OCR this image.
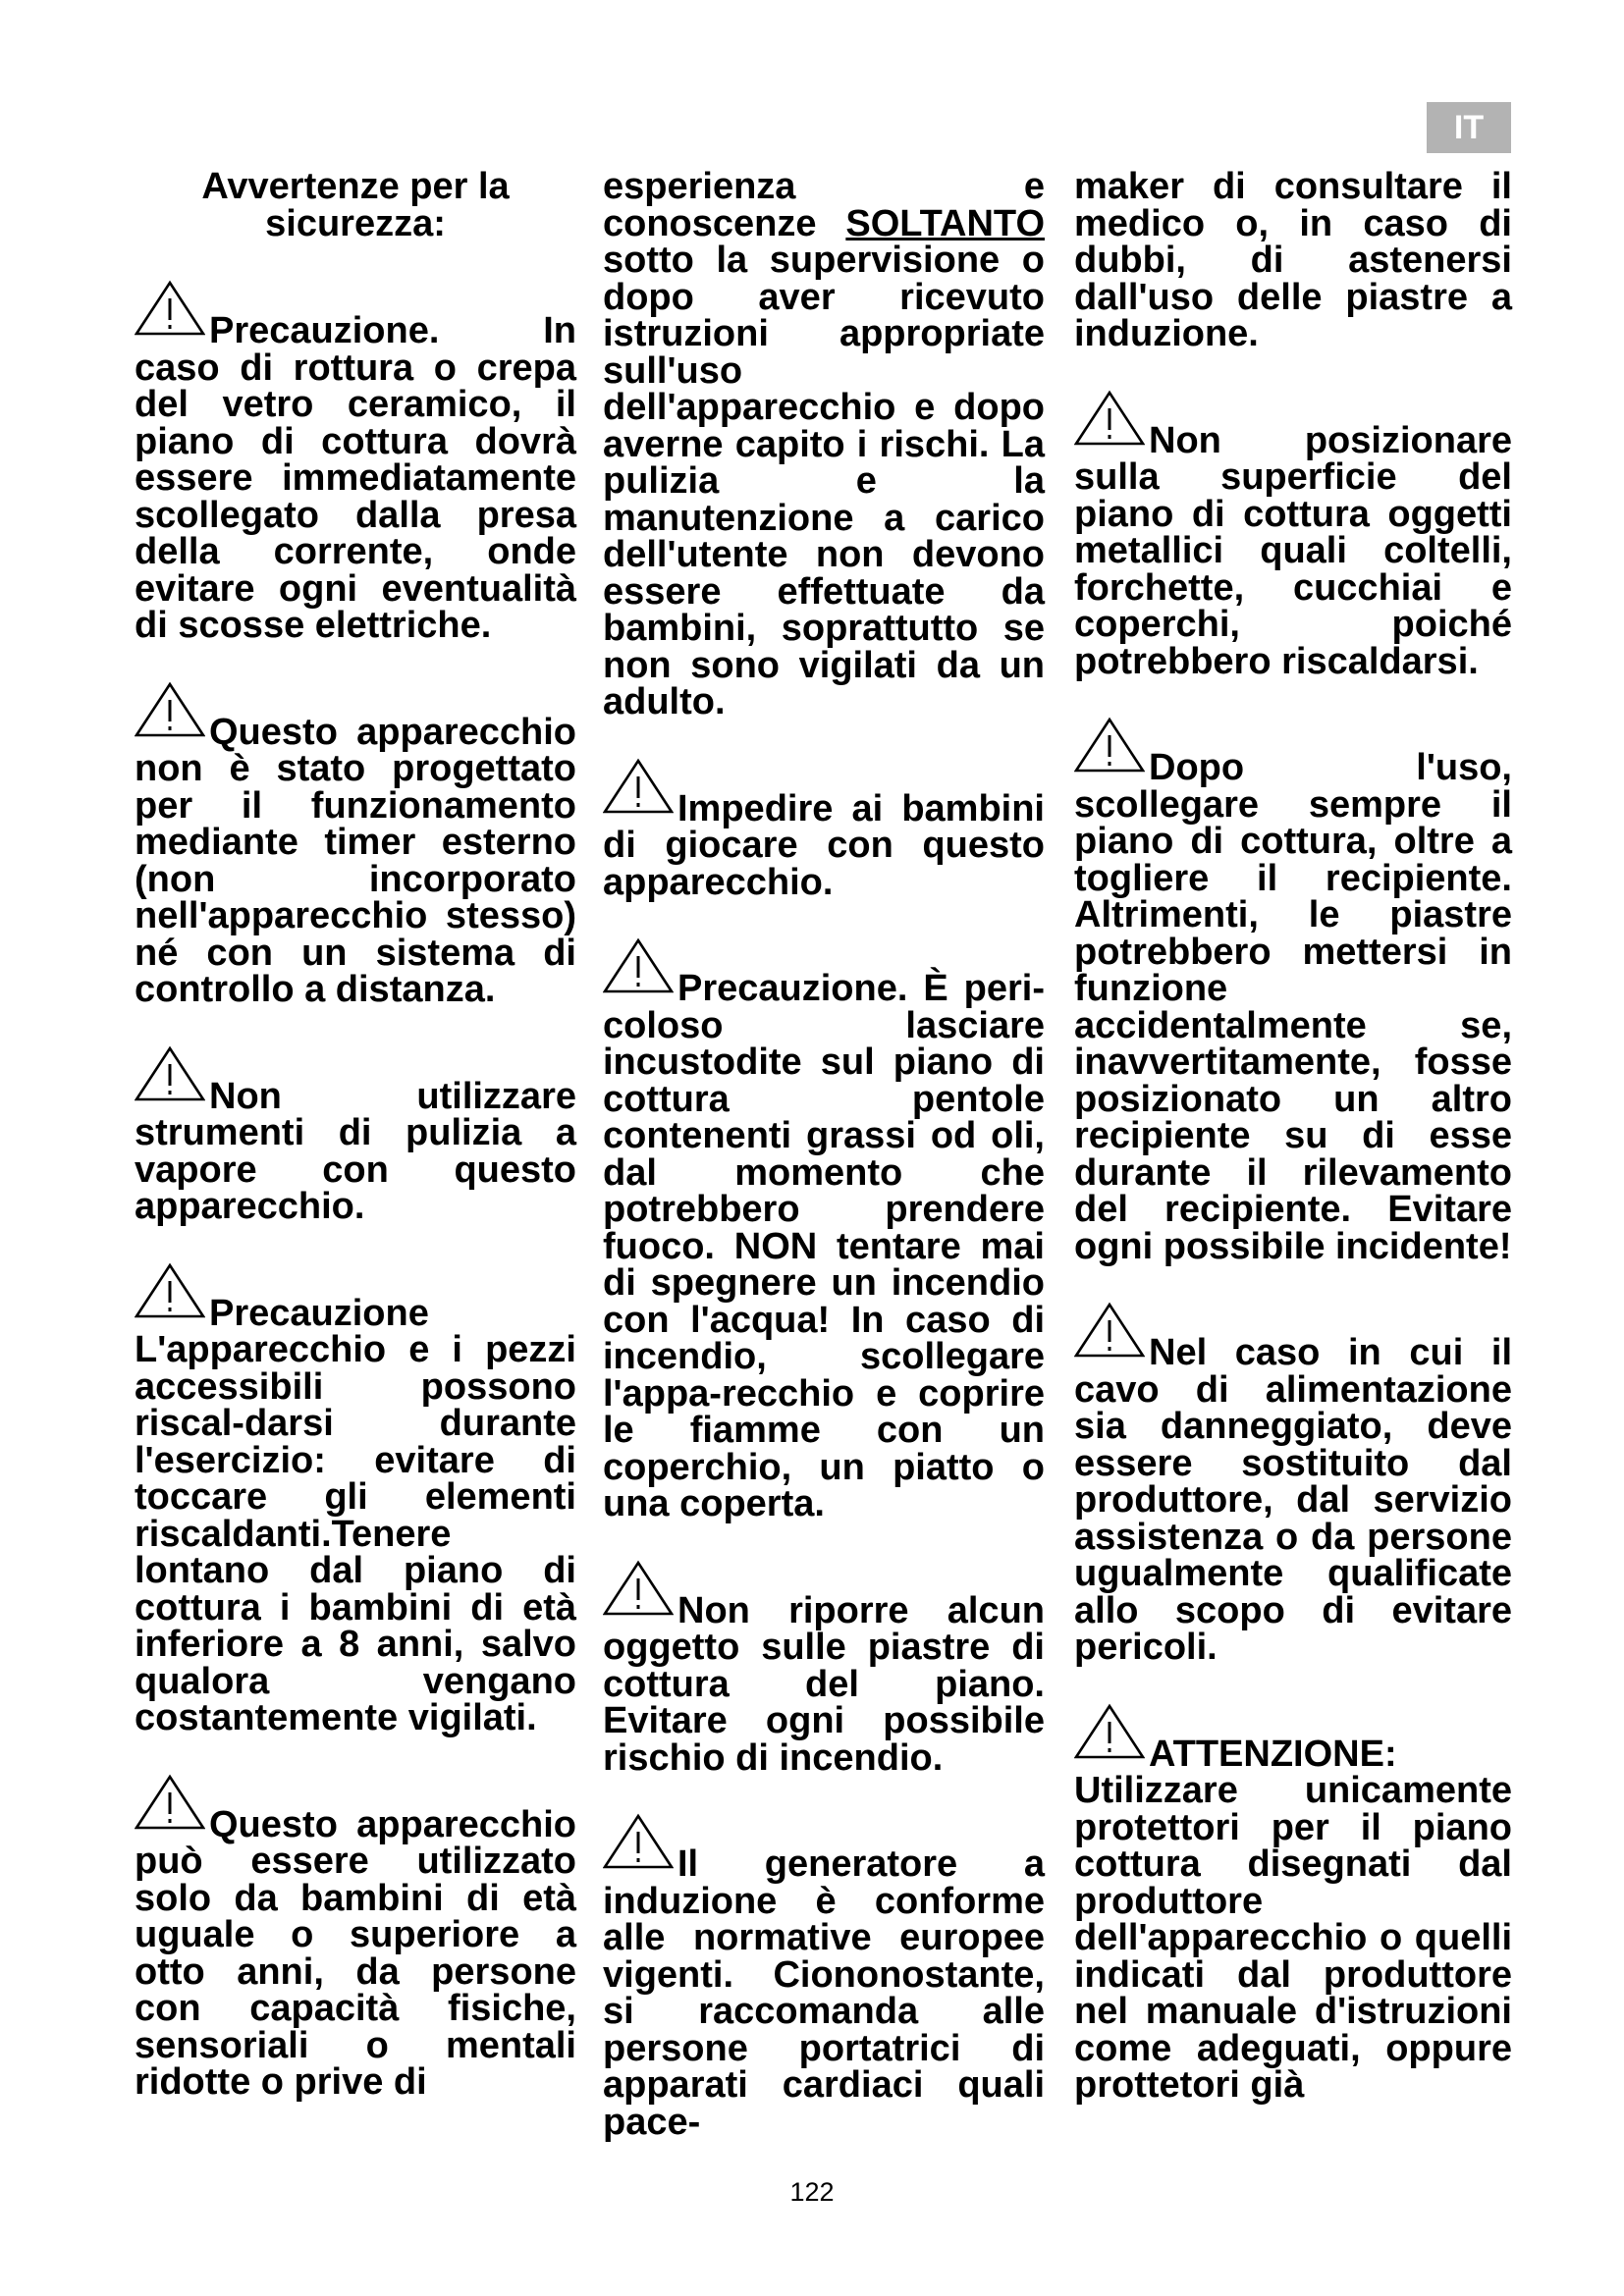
IT
Avvertenze per la sicurezza:
Precauzione. In caso di rottura o crepa del vetro ceramico, il piano di cottura dovrà essere immediatamente scollegato dalla presa della corrente, onde evitare ogni eventualità di scosse elettriche.
Questo apparecchio non è stato progettato per il funzionamento mediante timer esterno (non incorporato nell'apparecchio stesso) né con un sistema di controllo a distanza.
Non utilizzare strumenti di pulizia a vapore con questo apparecchio.
Precauzione L'apparecchio e i pezzi accessibili possono riscal-darsi durante l'esercizio: evitare di toccare gli elementi riscaldanti.Tenere lontano dal piano di cottura i bambini di età inferiore a 8 anni, salvo qualora vengano costantemente vigilati.
Questo apparecchio può essere utilizzato solo da bambini di età uguale o superiore a otto anni, da persone con capacità fisiche, sensoriali o mentali ridotte o prive di
esperienza e conoscenze SOLTANTO sotto la supervisione o dopo aver ricevuto istruzioni appropriate sull'uso dell'apparecchio e dopo averne capito i rischi. La pulizia e la manutenzione a carico dell'utente non devono essere effettuate da bambini, soprattutto se non sono vigilati da un adulto.
Impedire ai bambini di giocare con questo apparecchio.
Precauzione. È peri-coloso lasciare incustodite sul piano di cottura pentole contenenti grassi od oli, dal momento che potrebbero prendere fuoco. NON tentare mai di spegnere un incendio con l'acqua! In caso di incendio, scollegare l'appa-recchio e coprire le fiamme con un coperchio, un piatto o una coperta.
Non riporre alcun oggetto sulle piastre di cottura del piano. Evitare ogni possibile rischio di incendio.
Il generatore a induzione è conforme alle normative europee vigenti. Ciononostante, si raccomanda alle persone portatrici di apparati cardiaci quali pace-
maker di consultare il medico o, in caso di dubbi, di astenersi dall'uso delle piastre a induzione.
Non posizionare sulla superficie del piano di cottura oggetti metallici quali coltelli, forchette, cucchiai e coperchi, poiché potrebbero riscaldarsi.
Dopo l'uso, scollegare sempre il piano di cottura, oltre a togliere il recipiente. Altrimenti, le piastre potrebbero mettersi in funzione accidentalmente se, inavvertitamente, fosse posizionato un altro recipiente su di esse durante il rilevamento del recipiente. Evitare ogni possibile incidente!
Nel caso in cui il cavo di alimentazione sia danneggiato, deve essere sostituito dal produttore, dal servizio assistenza o da persone ugualmente qualificate allo scopo di evitare pericoli.
ATTENZIONE: Utilizzare unicamente protettori per il piano cottura disegnati dal produttore dell'apparecchio o quelli indicati dal produttore nel manuale d'istruzioni come adeguati, oppure prottetori già
122
